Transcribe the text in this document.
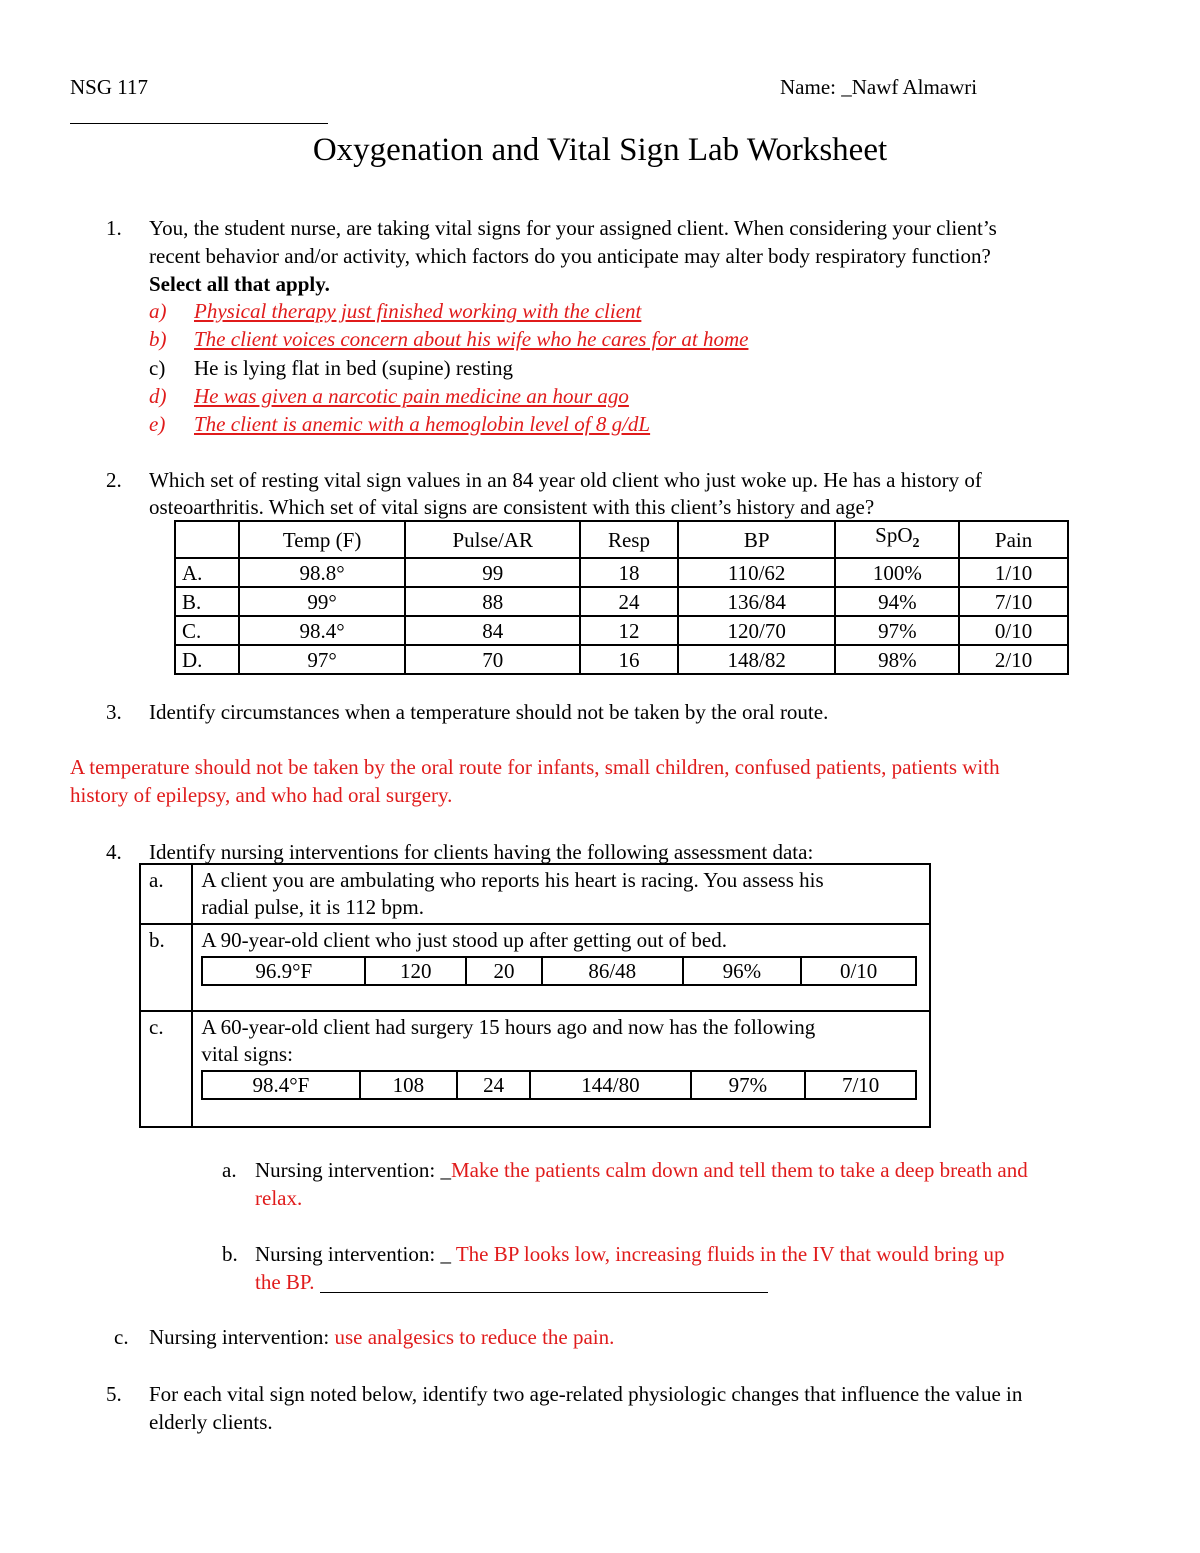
NSG 117	Name: _Nawf Almawri
Oxygenation and Vital Sign Lab Worksheet
1.	You, the student nurse, are taking vital signs for your assigned client. When considering your client’s
recent behavior and/or activity, which factors do you anticipate may alter body respiratory function?
Select all that apply.
a) Physical therapy just finished working with the client
b) The client voices concern about his wife who he cares for at home
c) He is lying flat in bed (supine) resting
d) He was given a narcotic pain medicine an hour ago
e) The client is anemic with a hemoglobin level of 8 g/dL
2.	Which set of resting vital sign values in an 84 year old client who just woke up. He has a history of
osteoarthritis. Which set of vital signs are consistent with this client’s history and age?
	Temp (F)	Pulse/AR	Resp	BP	SpO$_2$	Pain
A.	98.8°	99	18	110/62	100%	1/10
B.	99°	88	24	136/84	94%	7/10
C.	98.4°	84	12	120/70	97%	0/10
D.	97°	70	16	148/82	98%	2/10
3.	Identify circumstances when a temperature should not be taken by the oral route.
A temperature should not be taken by the oral route for infants, small children, confused patients, patients with
history of epilepsy, and who had oral surgery.
4.	Identify nursing interventions for clients having the following assessment data:
a.	A client you are ambulating who reports his heart is racing. You assess his
radial pulse, it is 112 bpm.

b.	A 90-year-old client who just stood up after getting out of bed.
96.9°F	120	20	86/48	96%	0/10

c.	A 60-year-old client had surgery 15 hours ago and now has the following
vital signs:
98.4°F	108	24	144/80	97%	7/10
a. Nursing intervention: _Make the patients calm down and tell them to take a deep breath and
relax.
b. Nursing intervention: _ The BP looks low, increasing fluids in the IV that would bring up
the BP.
c. Nursing intervention: use analgesics to reduce the pain.
5.	For each vital sign noted below, identify two age-related physiologic changes that influence the value in
elderly clients.
